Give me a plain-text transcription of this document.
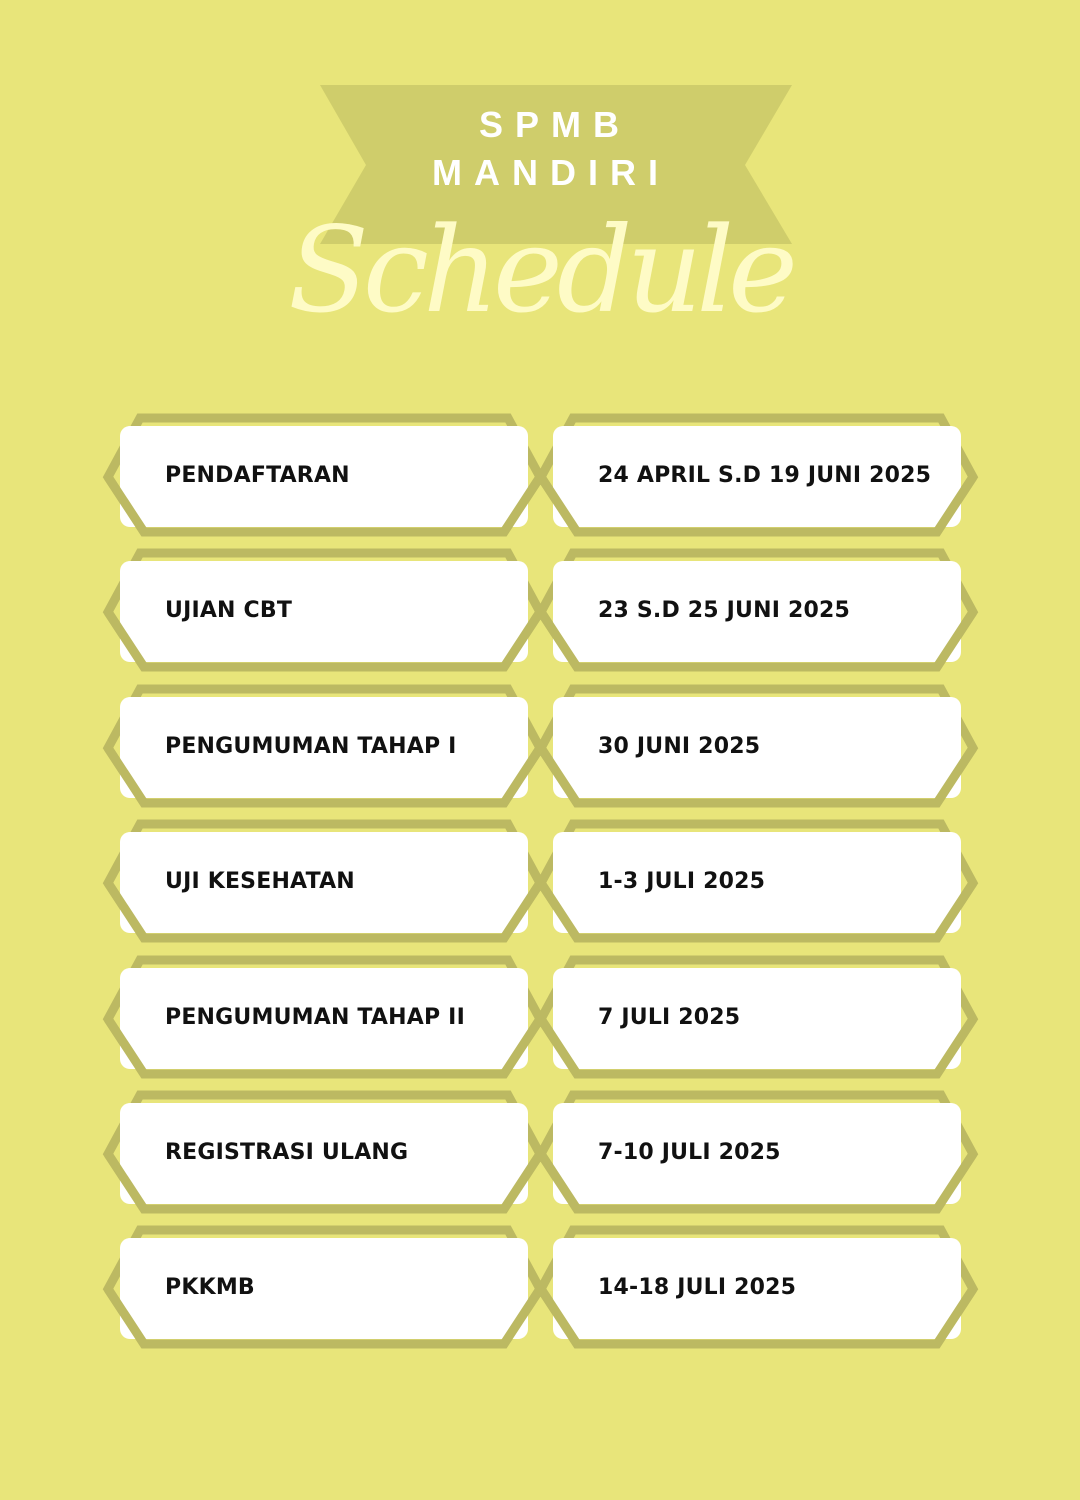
SPMB
MANDIRI
Schedule
PENDAFTARAN	24 APRIL S.D 19 JUNI 2025
UJIAN CBT	23 S.D 25 JUNI 2025
PENGUMUMAN TAHAP I	30 JUNI 2025
UJI KESEHATAN	1-3 JULI 2025
PENGUMUMAN TAHAP II	7 JULI 2025
REGISTRASI ULANG	7-10 JULI 2025
PKKMB	14-18 JULI 2025
